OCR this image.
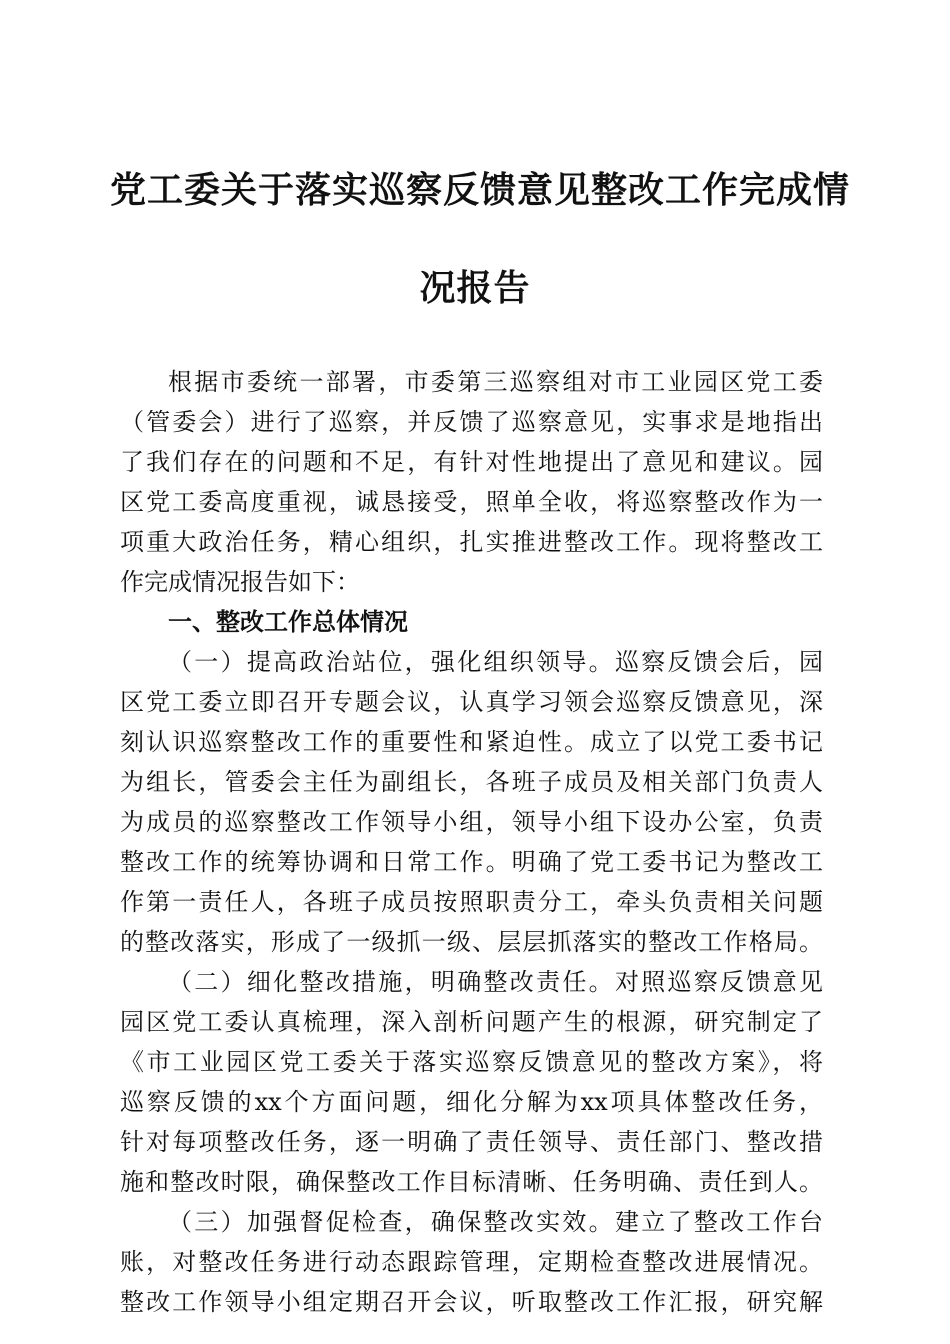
党工委关于落实巡察反馈意见整改工作完成情
况报告
根据市委统一部署，市委第三巡察组对市工业园区党工委
（管委会）进行了巡察，并反馈了巡察意见，实事求是地指出
了我们存在的问题和不足，有针对性地提出了意见和建议。园
区党工委高度重视，诚恳接受，照单全收，将巡察整改作为一
项重大政治任务，精心组织，扎实推进整改工作。现将整改工
作完成情况报告如下：
一、整改工作总体情况
（一）提高政治站位，强化组织领导。巡察反馈会后，园
区党工委立即召开专题会议，认真学习领会巡察反馈意见，深
刻认识巡察整改工作的重要性和紧迫性。成立了以党工委书记
为组长，管委会主任为副组长，各班子成员及相关部门负责人
为成员的巡察整改工作领导小组，领导小组下设办公室，负责
整改工作的统筹协调和日常工作。明确了党工委书记为整改工
作第一责任人，各班子成员按照职责分工，牵头负责相关问题
的整改落实，形成了一级抓一级、层层抓落实的整改工作格局。
（二）细化整改措施，明确整改责任。对照巡察反馈意见
园区党工委认真梳理，深入剖析问题产生的根源，研究制定了
《市工业园区党工委关于落实巡察反馈意见的整改方案》，将
巡察反馈的xx个方面问题，细化分解为xx项具体整改任务，
针对每项整改任务，逐一明确了责任领导、责任部门、整改措
施和整改时限，确保整改工作目标清晰、任务明确、责任到人。
（三）加强督促检查，确保整改实效。建立了整改工作台
账，对整改任务进行动态跟踪管理，定期检查整改进展情况。
整改工作领导小组定期召开会议，听取整改工作汇报，研究解
